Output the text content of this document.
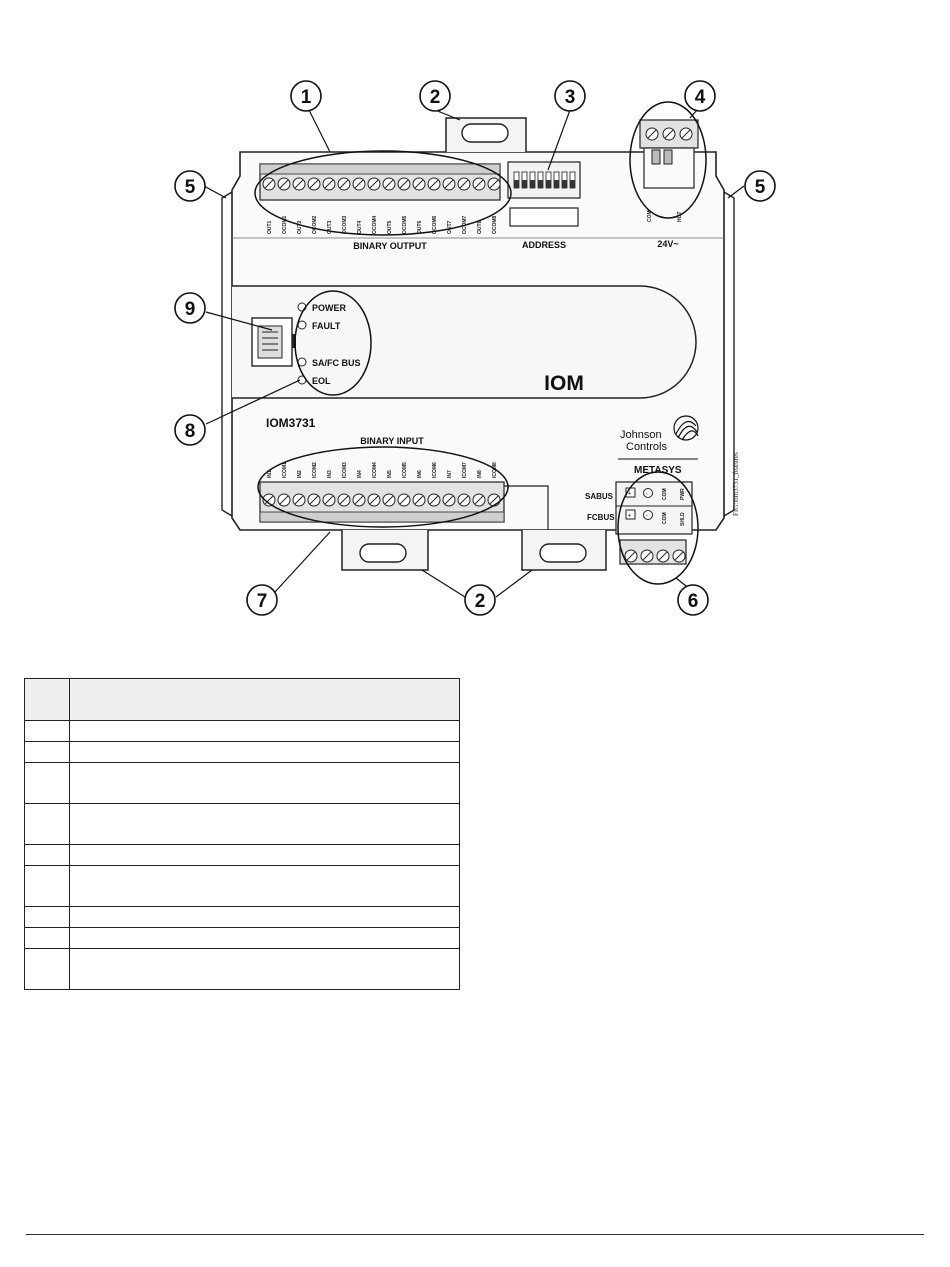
OUT1 OCOM1 OUT2 OCOM2 OUT3 OCOM3 OUT4 OCOM4 OUT5 OCOM5 OUT6 OCOM6 OUT7 OCOM7 OUT8 OCOM8
BINARY OUTPUT	ADDRESS
COM	HOT
24V~
POWER
FAULT
SA/FC BUS
EOL	IOM
IOM3731
Johnson
Controls
METASYS	FIG:iom3731_features
BINARY INPUT
IN1 ICOM1 IN2 ICOM2 IN3 ICOM3 IN4 ICOM4 IN5 ICOM5 IN6 ICOM6 IN7 ICOM7 IN8 ICOM8
SABUS
FCBUS
+	-	COM PWR
+	-	COM SHLD
1	2	3	4
5	5
9
8
7	2	6
